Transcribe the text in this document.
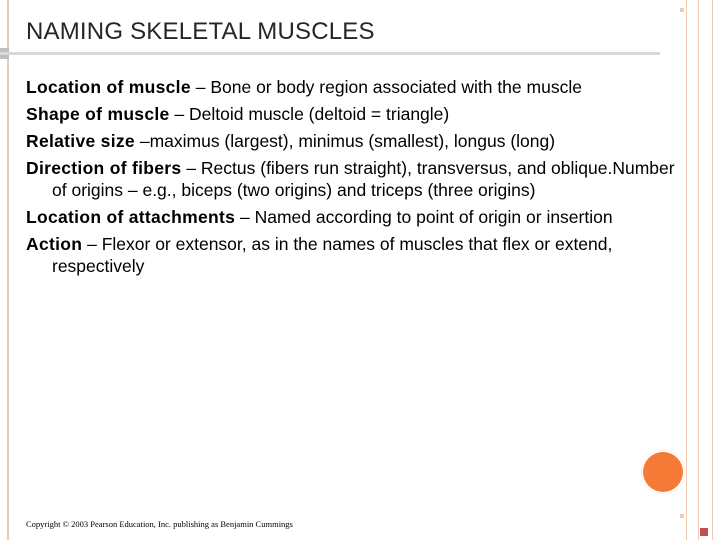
NAMING SKELETAL MUSCLES
Location of muscle – Bone or body region associated with the muscle
Shape of muscle – Deltoid muscle (deltoid = triangle)
Relative size –maximus (largest), minimus (smallest), longus (long)
Direction of fibers – Rectus (fibers run straight), transversus, and oblique.Number of origins – e.g., biceps (two origins) and triceps (three origins)
Location of attachments – Named according to point of origin or insertion
Action – Flexor or extensor, as in the names of muscles that flex or extend, respectively
Copyright © 2003 Pearson Education, Inc. publishing as Benjamin Cummings
